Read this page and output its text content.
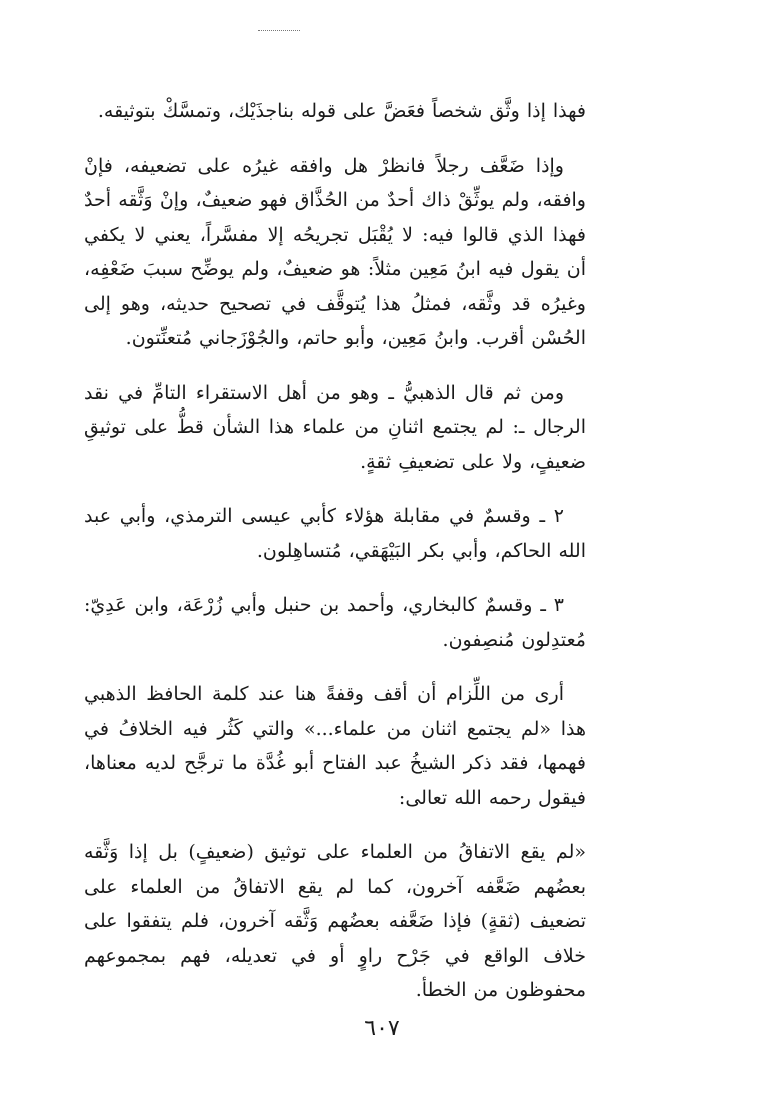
فهذا إذا وثَّق شخصاً فعَضَّ على قوله بناجذَيْك، وتمسَّكْ بتوثيقه.

وإذا ضَعَّف رجلاً فانظرْ هل وافقه غيرُه على تضعيفه، فإنْ وافقه، ولم يوثِّقْ ذاك أحدٌ من الحُذَّاق فهو ضعيفٌ، وإنْ وَثَّقه أحدٌ فهذا الذي قالوا فيه: لا يُقْبَل تجريحُه إلا مفسَّراً، يعني لا يكفي أن يقول فيه ابنُ مَعِين مثلاً: هو ضعيفٌ، ولم يوضِّح سببَ ضَعْفِه، وغيرُه قد وثَّقه، فمثلُ هذا يُتوقَّف في تصحيح حديثه، وهو إلى الحُسْن أقرب. وابنُ مَعِين، وأبو حاتم، والجُوْزَجاني مُتعنِّتون.

ومن ثم قال الذهبيُّ ـ وهو من أهل الاستقراء التامِّ في نقد الرجال ـ: لم يجتمع اثنانِ من علماء هذا الشأن قطُّ على توثيقِ ضعيفٍ، ولا على تضعيفِ ثقةٍ.

٢ ـ وقسمٌ في مقابلة هؤلاء كأبي عيسى الترمذي، وأبي عبد الله الحاكم، وأبي بكر البَيْهَقي، مُتساهِلون.

٣ ـ وقسمٌ كالبخاري، وأحمد بن حنبل وأبي زُرْعَة، وابن عَدِيّ: مُعتدِلون مُنصِفون.

أرى من اللِّزام أن أقف وقفةً هنا عند كلمة الحافظ الذهبي هذا «لم يجتمع اثنان من علماء...» والتي كَثُر فيه الخلافُ في فهمها، فقد ذكر الشيخُ عبد الفتاح أبو غُدَّة ما ترجَّح لديه معناها، فيقول رحمه الله تعالى:

«لم يقع الاتفاقُ من العلماء على توثيق (ضعيفٍ) بل إذا وَثَّقه بعضُهم ضَعَّفه آخرون، كما لم يقع الاتفاقُ من العلماء على تضعيف (ثقةٍ) فإذا ضَعَّفه بعضُهم وَثَّقه آخرون، فلم يتفقوا على خلاف الواقع في جَرْح راوٍ أو في تعديله، فهم بمجموعهم محفوظون من الخطأ.

٦٠٧
